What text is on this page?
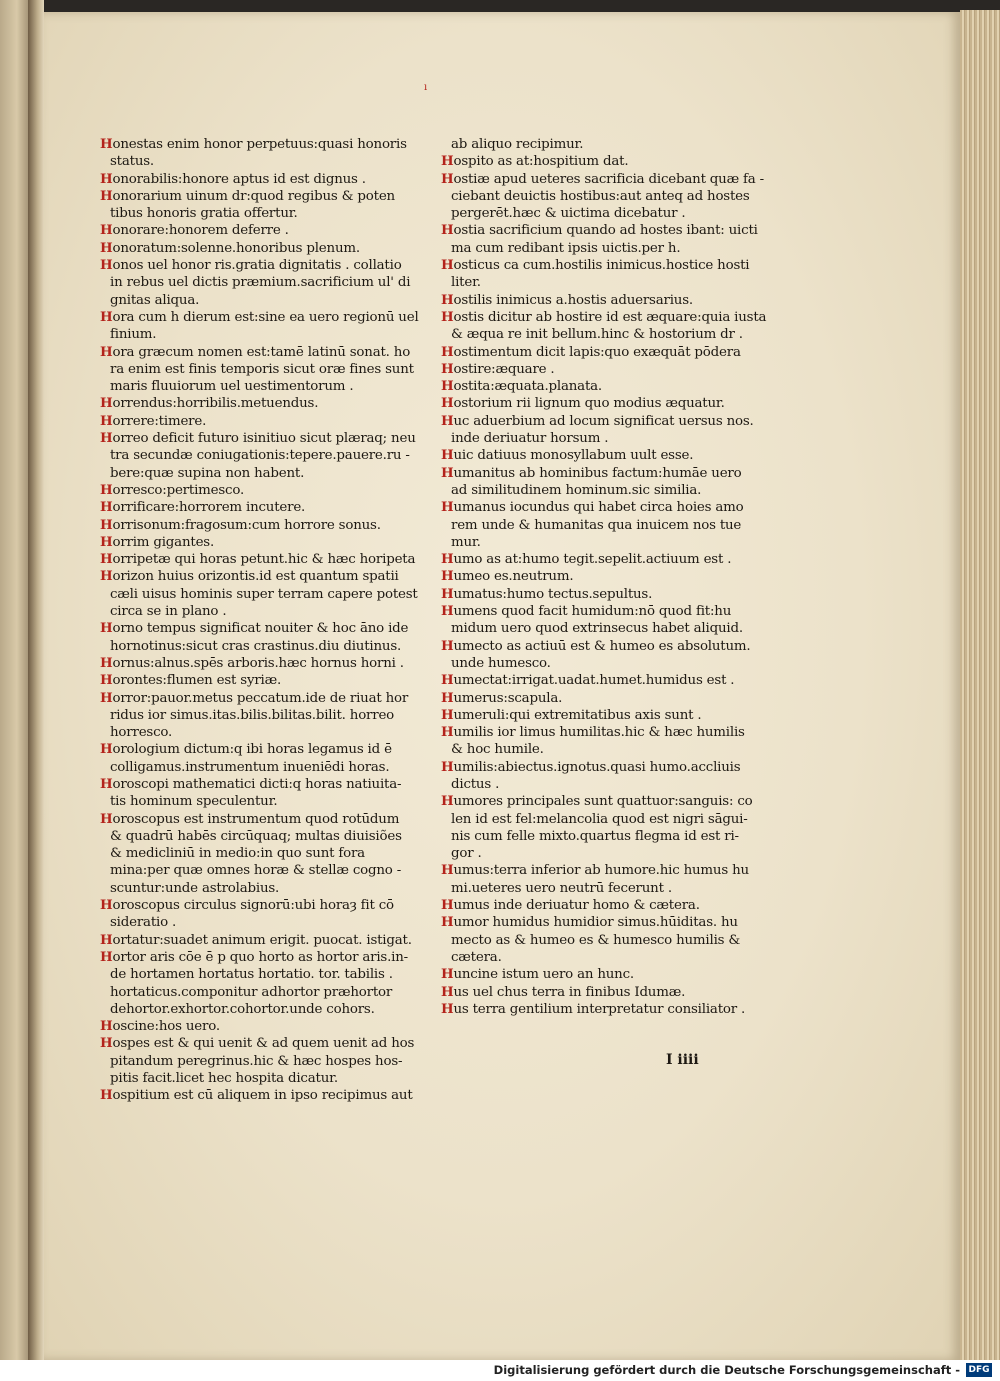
ı
Honestas enim honor perpetuus:quasi honoris
status.
Honorabilis:honore aptus id est dignus .
Honorarium uinum dr:quod regibus & poten
tibus honoris gratia offertur.
Honorare:honorem deferre .
Honoratum:solenne.honoribus plenum.
Honos uel honor ris.gratia dignitatis . collatio
in rebus uel dictis præmium.sacrificium ul' di
gnitas aliqua.
Hora cum h dierum est:sine ea uero regionū uel
finium.
Hora græcum nomen est:tamē latinū sonat. ho
ra enim est finis temporis sicut oræ fines sunt
maris fluuiorum uel uestimentorum .
Horrendus:horribilis.metuendus.
Horrere:timere.
Horreo deficit futuro isinitiuo sicut plæraq; neu
tra secundæ coniugationis:tepere.pauere.ru -
bere:quæ supina non habent.
Horresco:pertimesco.
Horrificare:horrorem incutere.
Horrisonum:fragosum:cum horrore sonus.
Horrim gigantes.
Horripetæ qui horas petunt.hic & hæc horipeta
Horizon huius orizontis.id est quantum spatii
cæli uisus hominis super terram capere potest
circa se in plano .
Horno tempus significat nouiter & hoc āno ide
hornotinus:sicut cras crastinus.diu diutinus.
Hornus:alnus.spēs arboris.hæc hornus horni .
Horontes:flumen est syriæ.
Horror:pauor.metus peccatum.ide de riuat hor
ridus ior simus.itas.bilis.bilitas.bilit. horreo
horresco.
Horologium dictum:q ibi horas legamus id ē
colligamus.instrumentum inueniēdi horas.
Horoscopi mathematici dicti:q horas natiuita-
tis hominum speculentur.
Horoscopus est instrumentum quod rotūdum
& quadrū habēs circūquaq; multas diuisiões
& medicliniū in medio:in quo sunt fora
mina:per quæ omnes horæ & stellæ cogno -
scuntur:unde astrolabius.
Horoscopus circulus signorū:ubi horaȝ fit cō
sideratio .
Hortatur:suadet animum erigit. puocat. istigat.
Hortor aris cōe ē p quo horto as hortor aris.in-
de hortamen hortatus hortatio. tor. tabilis .
hortaticus.componitur adhortor præhortor
dehortor.exhortor.cohortor.unde cohors.
Hoscine:hos uero.
Hospes est & qui uenit & ad quem uenit ad hos
pitandum peregrinus.hic & hæc hospes hos-
pitis facit.licet hec hospita dicatur.
Hospitium est cū aliquem in ipso recipimus aut
ab aliquo recipimur.
Hospito as at:hospitium dat.
Hostiæ apud ueteres sacrificia dicebant quæ fa -
ciebant deuictis hostibus:aut anteq ad hostes
pergerēt.hæc & uictima dicebatur .
Hostia sacrificium quando ad hostes ibant: uicti
ma cum redibant ipsis uictis.per h.
Hosticus ca cum.hostilis inimicus.hostice hosti
liter.
Hostilis inimicus a.hostis aduersarius.
Hostis dicitur ab hostire id est æquare:quia iusta
& æqua re init bellum.hinc & hostorium dr .
Hostimentum dicit lapis:quo exæquāt pōdera
Hostire:æquare .
Hostita:æquata.planata.
Hostorium rii lignum quo modius æquatur.
Huc aduerbium ad locum significat uersus nos.
inde deriuatur horsum .
Huic datiuus monosyllabum uult esse.
Humanitus ab hominibus factum:humāe uero
ad similitudinem hominum.sic similia.
Humanus iocundus qui habet circa hoies amo
rem unde & humanitas qua inuicem nos tue
mur.
Humo as at:humo tegit.sepelit.actiuum est .
Humeo es.neutrum.
Humatus:humo tectus.sepultus.
Humens quod facit humidum:nō quod fit:hu
midum uero quod extrinsecus habet aliquid.
Humecto as actiuū est & humeo es absolutum.
unde humesco.
Humectat:irrigat.uadat.humet.humidus est .
Humerus:scapula.
Humeruli:qui extremitatibus axis sunt .
Humilis ior limus humilitas.hic & hæc humilis
& hoc humile.
Humilis:abiectus.ignotus.quasi humo.accliuis
dictus .
Humores principales sunt quattuor:sanguis: co
len id est fel:melancolia quod est nigri sāgui-
nis cum felle mixto.quartus flegma id est ri-
gor .
Humus:terra inferior ab humore.hic humus hu
mi.ueteres uero neutrū fecerunt .
Humus inde deriuatur homo & cætera.
Humor humidus humidior simus.hūiditas. hu
mecto as & humeo es & humesco humilis &
cætera.
Huncine istum uero an hunc.
Hus uel chus terra in finibus Idumæ.
Hus terra gentilium interpretatur consiliator .
I iiii
Digitalisierung gefördert durch die Deutsche Forschungsgemeinschaft - DFG
